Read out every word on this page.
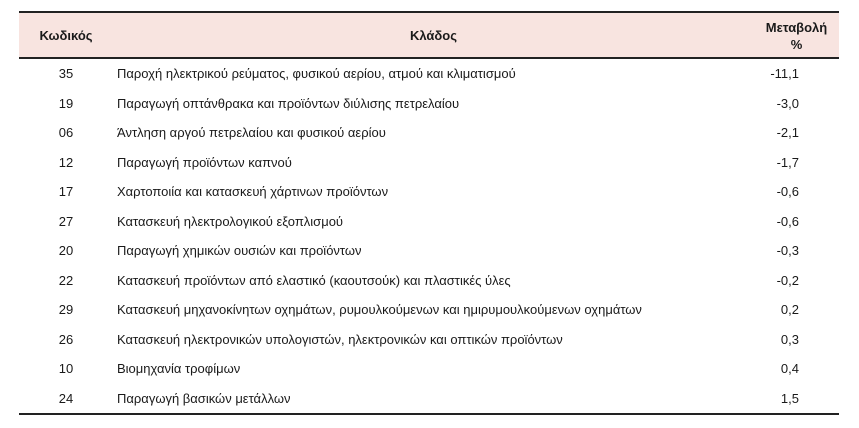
Κωδικός	Κλάδος	Μεταβολή
%

35	Παροχή ηλεκτρικού ρεύματος, φυσικού αερίου, ατμού και κλιματισμού	-11,1
19	Παραγωγή οπτάνθρακα και προϊόντων διύλισης πετρελαίου	-3,0
06	Άντληση αργού πετρελαίου και φυσικού αερίου	-2,1
12	Παραγωγή προϊόντων καπνού	-1,7
17	Χαρτοποιία και κατασκευή χάρτινων προϊόντων	-0,6
27	Κατασκευή ηλεκτρολογικού εξοπλισμού	-0,6
20	Παραγωγή χημικών ουσιών και προϊόντων	-0,3
22	Κατασκευή προϊόντων από ελαστικό (καουτσούκ) και πλαστικές ύλες	-0,2
29	Κατασκευή μηχανοκίνητων οχημάτων, ρυμουλκούμενων και ημιρυμουλκούμενων οχημάτων	0,2
26	Κατασκευή ηλεκτρονικών υπολογιστών, ηλεκτρονικών και οπτικών προϊόντων	0,3
10	Βιομηχανία τροφίμων	0,4
24	Παραγωγή βασικών μετάλλων	1,5
